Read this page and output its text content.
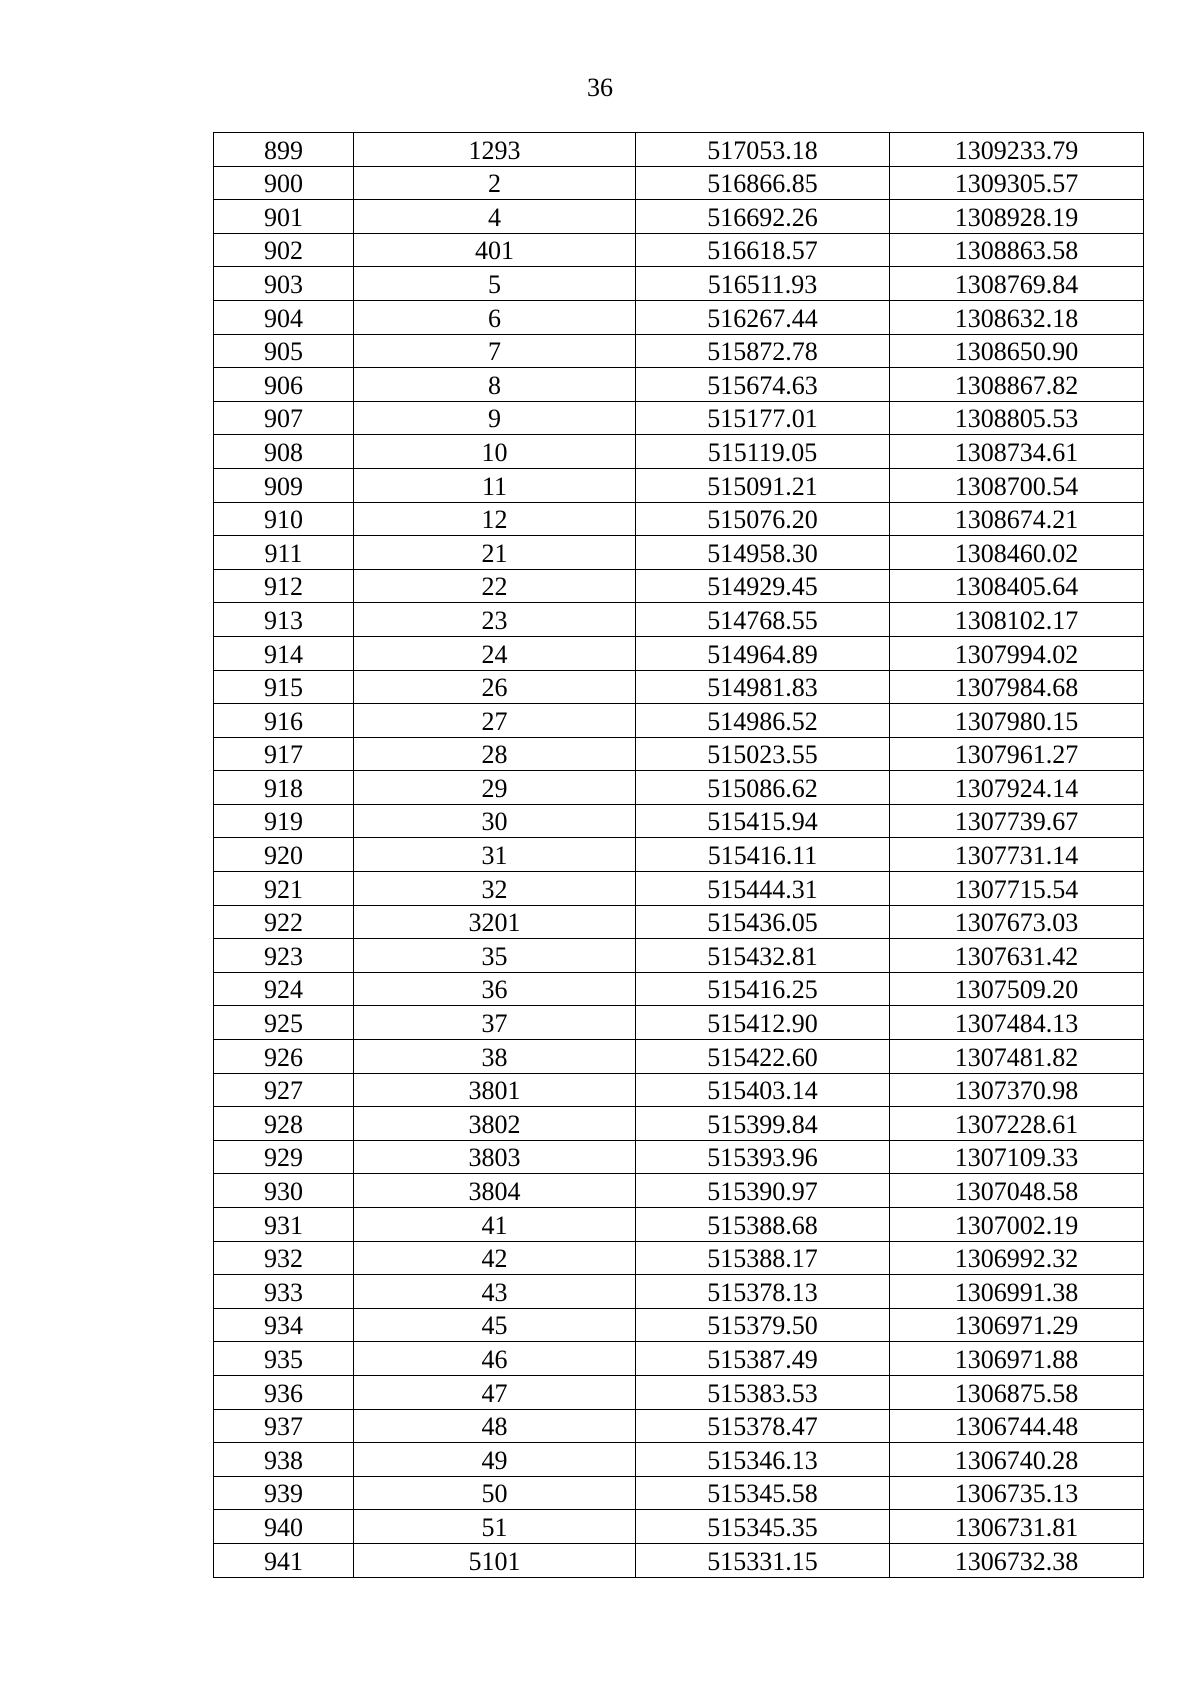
36
899	1293	517053.18	1309233.79
900	2	516866.85	1309305.57
901	4	516692.26	1308928.19
902	401	516618.57	1308863.58
903	5	516511.93	1308769.84
904	6	516267.44	1308632.18
905	7	515872.78	1308650.90
906	8	515674.63	1308867.82
907	9	515177.01	1308805.53
908	10	515119.05	1308734.61
909	11	515091.21	1308700.54
910	12	515076.20	1308674.21
911	21	514958.30	1308460.02
912	22	514929.45	1308405.64
913	23	514768.55	1308102.17
914	24	514964.89	1307994.02
915	26	514981.83	1307984.68
916	27	514986.52	1307980.15
917	28	515023.55	1307961.27
918	29	515086.62	1307924.14
919	30	515415.94	1307739.67
920	31	515416.11	1307731.14
921	32	515444.31	1307715.54
922	3201	515436.05	1307673.03
923	35	515432.81	1307631.42
924	36	515416.25	1307509.20
925	37	515412.90	1307484.13
926	38	515422.60	1307481.82
927	3801	515403.14	1307370.98
928	3802	515399.84	1307228.61
929	3803	515393.96	1307109.33
930	3804	515390.97	1307048.58
931	41	515388.68	1307002.19
932	42	515388.17	1306992.32
933	43	515378.13	1306991.38
934	45	515379.50	1306971.29
935	46	515387.49	1306971.88
936	47	515383.53	1306875.58
937	48	515378.47	1306744.48
938	49	515346.13	1306740.28
939	50	515345.58	1306735.13
940	51	515345.35	1306731.81
941	5101	515331.15	1306732.38
